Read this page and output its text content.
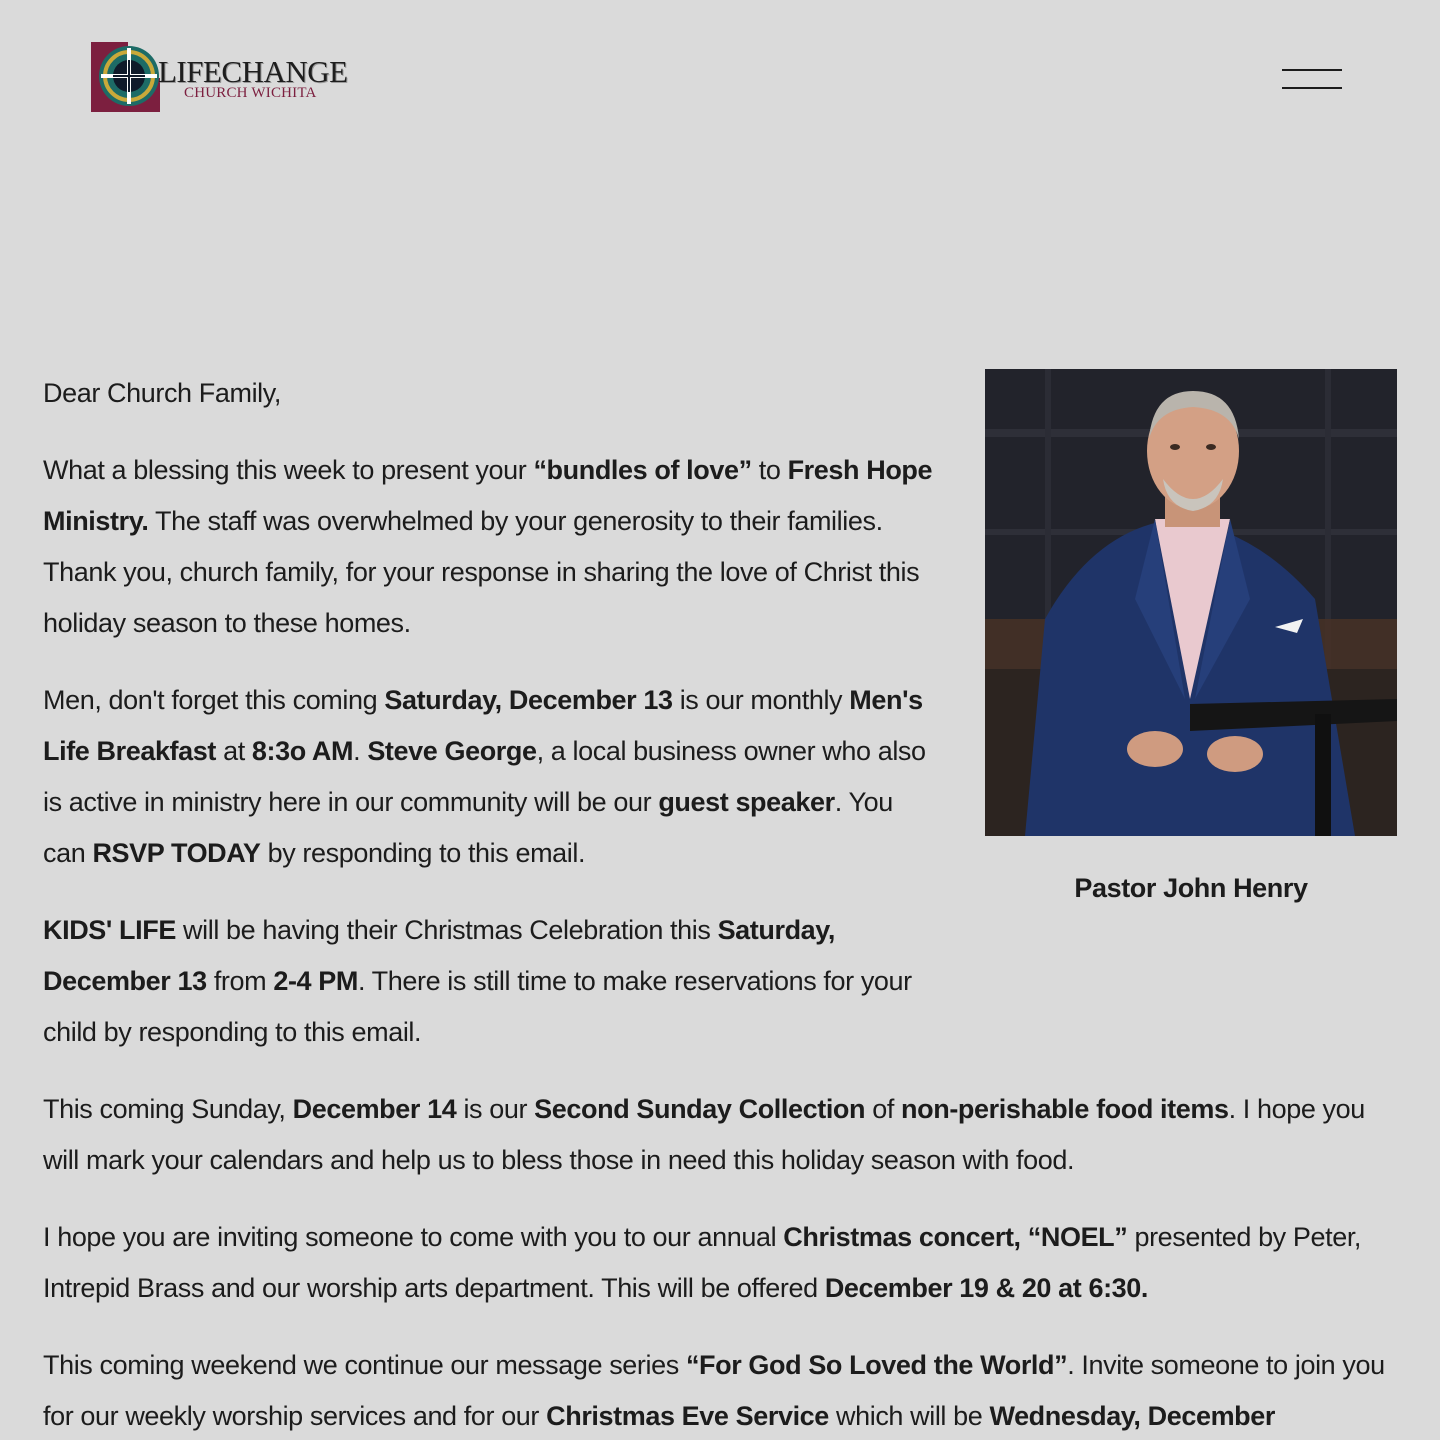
LIFECHANGE
CHURCH WICHITA
Pastor John Henry

Dear Church Family,

What a blessing this week to present your “bundles of love” to Fresh Hope Ministry. The staff was overwhelmed by your generosity to their families. Thank you, church family, for your response in sharing the love of Christ this holiday season to these homes.

Men, don't forget this coming Saturday, December 13 is our monthly Men's Life Breakfast at 8:3o AM. Steve George, a local business owner who also is active in ministry here in our community will be our guest speaker. You can RSVP TODAY by responding to this email.

KIDS' LIFE will be having their Christmas Celebration this Saturday, December 13 from 2-4 PM. There is still time to make reservations for your child by responding to this email.

This coming Sunday, December 14 is our Second Sunday Collection of non-perishable food items. I hope you will mark your calendars and help us to bless those in need this holiday season with food.

I hope you are inviting someone to come with you to our annual Christmas concert, “NOEL” presented by Peter, Intrepid Brass and our worship arts department. This will be offered December 19 & 20 at 6:30.

This coming weekend we continue our message series “For God So Loved the World”. Invite someone to join you for our weekly worship services and for our Christmas Eve Service which will be Wednesday, December
